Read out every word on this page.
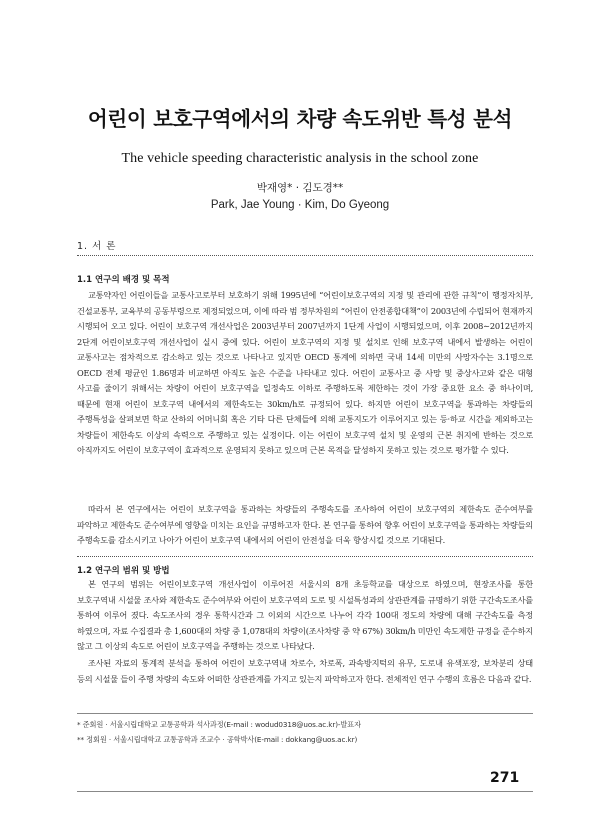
어린이 보호구역에서의 차량 속도위반 특성 분석
The vehicle speeding characteristic analysis in the school zone
박재영* · 김도경**
Park, Jae Young · Kim, Do Gyeong
1. 서 론
1.1 연구의 배경 및 목적

교통약자인 어린이들을 교통사고로부터 보호하기 위해 1995년에 “어린이보호구역의 지정 및 관리에 관한 규칙”이 행정자치부, 건설교통부, 교육부의 공동부령으로 제정되었으며, 이에 따라 범 정부차원의 “어린이 안전종합대책”이 2003년에 수립되어 현재까지 시행되어 오고 있다. 어린이 보호구역 개선사업은 2003년부터 2007년까지 1단계 사업이 시행되었으며, 이후 2008∼2012년까지 2단계 어린이보호구역 개선사업이 실시 중에 있다. 어린이 보호구역의 지정 및 설치로 인해 보호구역 내에서 발생하는 어린이 교통사고는 점차적으로 감소하고 있는 것으로 나타나고 있지만 OECD 통계에 의하면 국내 14세 미만의 사망자수는 3.1명으로 OECD 전체 평균인 1.86명과 비교하면 아직도 높은 수준을 나타내고 있다. 어린이 교통사고 중 사망 및 중상사고와 같은 대형 사고를 줄이기 위해서는 차량이 어린이 보호구역을 일정속도 이하로 주행하도록 제한하는 것이 가장 중요한 요소 중 하나이며, 때문에 현재 어린이 보호구역 내에서의 제한속도는 30km/h로 규정되어 있다. 하지만 어린이 보호구역을 통과하는 차량들의 주행특성을 살펴보면 학교 산하의 어머니회 혹은 기타 다른 단체들에 의해 교통지도가 이루어지고 있는 등·하교 시간을 제외하고는 차량들이 제한속도 이상의 속력으로 주행하고 있는 실정이다. 이는 어린이 보호구역 설치 및 운영의 근본 취지에 반하는 것으로 아직까지도 어린이 보호구역이 효과적으로 운영되지 못하고 있으며 근본 목적을 달성하지 못하고 있는 것으로 평가할 수 있다.

따라서 본 연구에서는 어린이 보호구역을 통과하는 차량들의 주행속도를 조사하여 어린이 보호구역의 제한속도 준수여부를 파악하고 제한속도 준수여부에 영향을 미치는 요인을 규명하고자 한다. 본 연구를 통하여 향후 어린이 보호구역을 통과하는 차량들의 주행속도를 감소시키고 나아가 어린이 보호구역 내에서의 어린이 안전성을 더욱 향상시킬 것으로 기대된다.

1.2 연구의 범위 및 방법

본 연구의 범위는 어린이보호구역 개선사업이 이루어진 서울시의 8개 초등학교를 대상으로 하였으며, 현장조사를 통한 보호구역내 시설물 조사와 제한속도 준수여부와 어린이 보호구역의 도로 및 시설특성과의 상관관계를 규명하기 위한 구간속도조사를 통하여 이루어 졌다. 속도조사의 경우 통학시간과 그 이외의 시간으로 나누어 각각 100대 정도의 차량에 대해 구간속도를 측정 하였으며, 자료 수집결과 총 1,600대의 차량 중 1,078대의 차량이(조사차량 중 약 67%) 30km/h 미만인 속도제한 규정을 준수하지 않고 그 이상의 속도로 어린이 보호구역을 주행하는 것으로 나타났다.

조사된 자료의 통계적 분석을 통하여 어린이 보호구역내 차로수, 차로폭, 과속방지턱의 유무, 도로내 유색포장, 보차분리 상태 등의 시설물 들이 주행 차량의 속도와 어떠한 상관관계를 가지고 있는지 파악하고자 한다. 전체적인 연구 수행의 흐름은 다음과 같다.

* 준회원 · 서울시립대학교 교통공학과 석사과정(E-mail : wodud0318@uos.ac.kr)-발표자
** 정회원 · 서울시립대학교 교통공학과 조교수 · 공학박사(E-mail : dokkang@uos.ac.kr)
271
